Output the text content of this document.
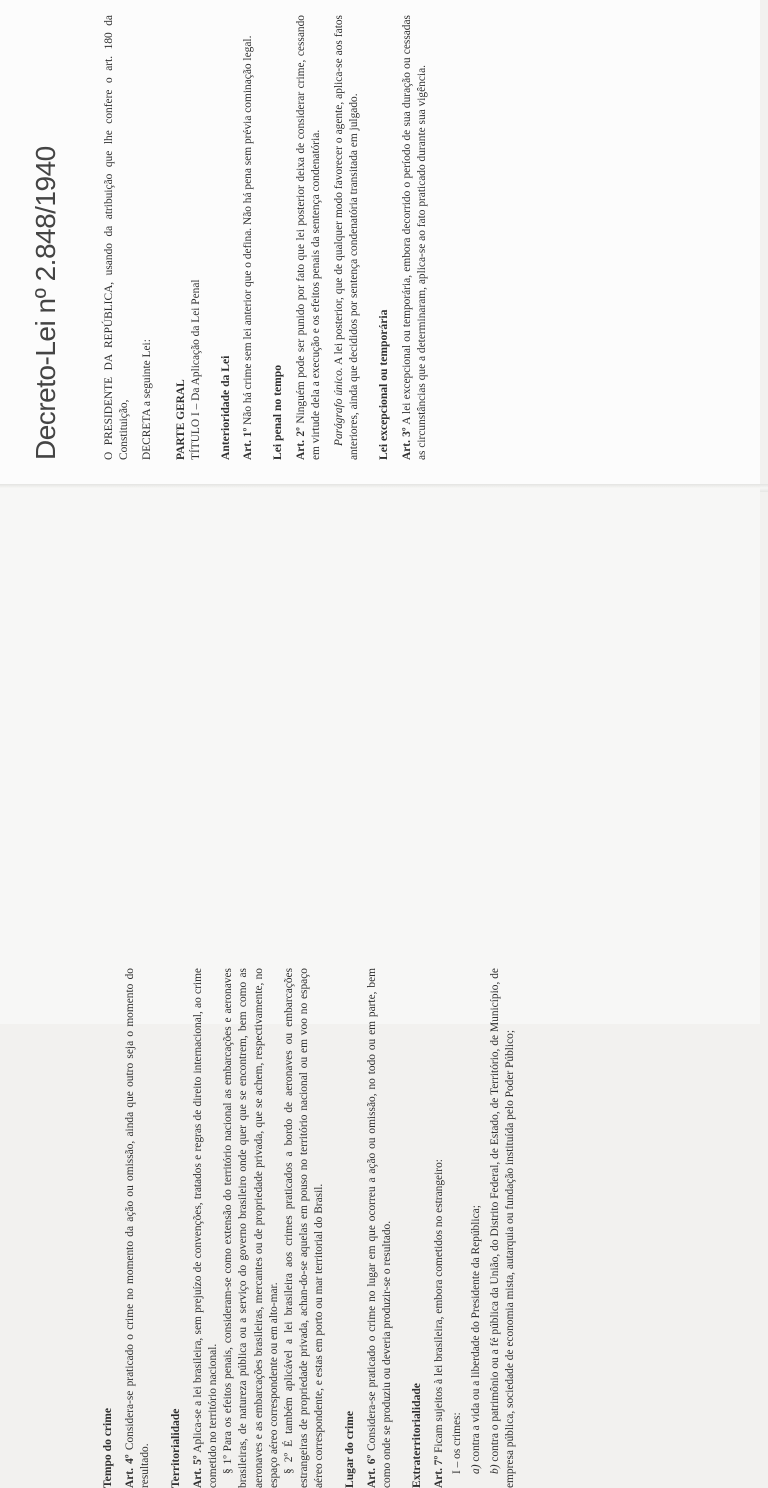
Decreto-Lei nº 2.848/1940	O PRESIDENTE DA REPÚBLICA, usando da atribuição que lhe confere o art. 180 da Constituição, DECRETA a seguinte Lei: PARTE GERAL TÍTULO I – Da Aplicação da Lei Penal Anterioridade da Lei Art. 1º Não há crime sem lei anterior que o defina. Não há pena sem prévia cominação legal. Lei penal no tempo Art. 2º Ninguém pode ser punido por fato que lei posterior deixa de considerar crime, cessando em virtude dela a execução e os efeitos penais da sentença condenatória. Parágrafo único. A lei posterior, que de qualquer modo favorecer o agente, aplica-se aos fatos anteriores, ainda que decididos por sentença condenatória transitada em julgado. Lei excepcional ou temporária Art. 3º A lei excepcional ou temporária, embora decorrido o período de sua duração ou cessadas as circunstâncias que a determinaram, aplica-se ao fato praticado durante sua vigência.

Tempo do crime Art. 4º Considera-se praticado o crime no momento da ação ou omissão, ainda que outro seja o momento do resultado. Territorialidade Art. 5º Aplica-se a lei brasileira, sem prejuízo de convenções, tratados e regras de direito internacional, ao crime cometido no território nacional. § 1º Para os efeitos penais, consideram-se como extensão do território nacional as embarcações e aeronaves brasileiras, de natureza pública ou a serviço do governo brasileiro onde quer que se encontrem, bem como as aeronaves e as embarcações brasileiras, mercantes ou de propriedade privada, que se achem, respectivamente, no espaço aéreo correspondente ou em alto-mar. § 2º É também aplicável a lei brasileira aos crimes praticados a bordo de aeronaves ou embarcações estrangeiras de propriedade privada, achan-do-se aquelas em pouso no território nacional ou em voo no espaço aéreo correspondente, e estas em porto ou mar territorial do Brasil. Lugar do crime Art. 6º Considera-se praticado o crime no lugar em que ocorreu a ação ou omissão, no todo ou em parte, bem como onde se produziu ou deveria produzir-se o resultado. Extraterritorialidade Art. 7º Ficam sujeitos à lei brasileira, embora cometidos no estrangeiro: I – os crimes: a) contra a vida ou a liberdade do Presidente da República;

b) contra o patrimônio ou a fé pública da União, do Distrito Federal, de Estado, de Território, de Município, de empresa pública, sociedade de economia mista, autarquia ou fundação instituída pelo Poder Público;
